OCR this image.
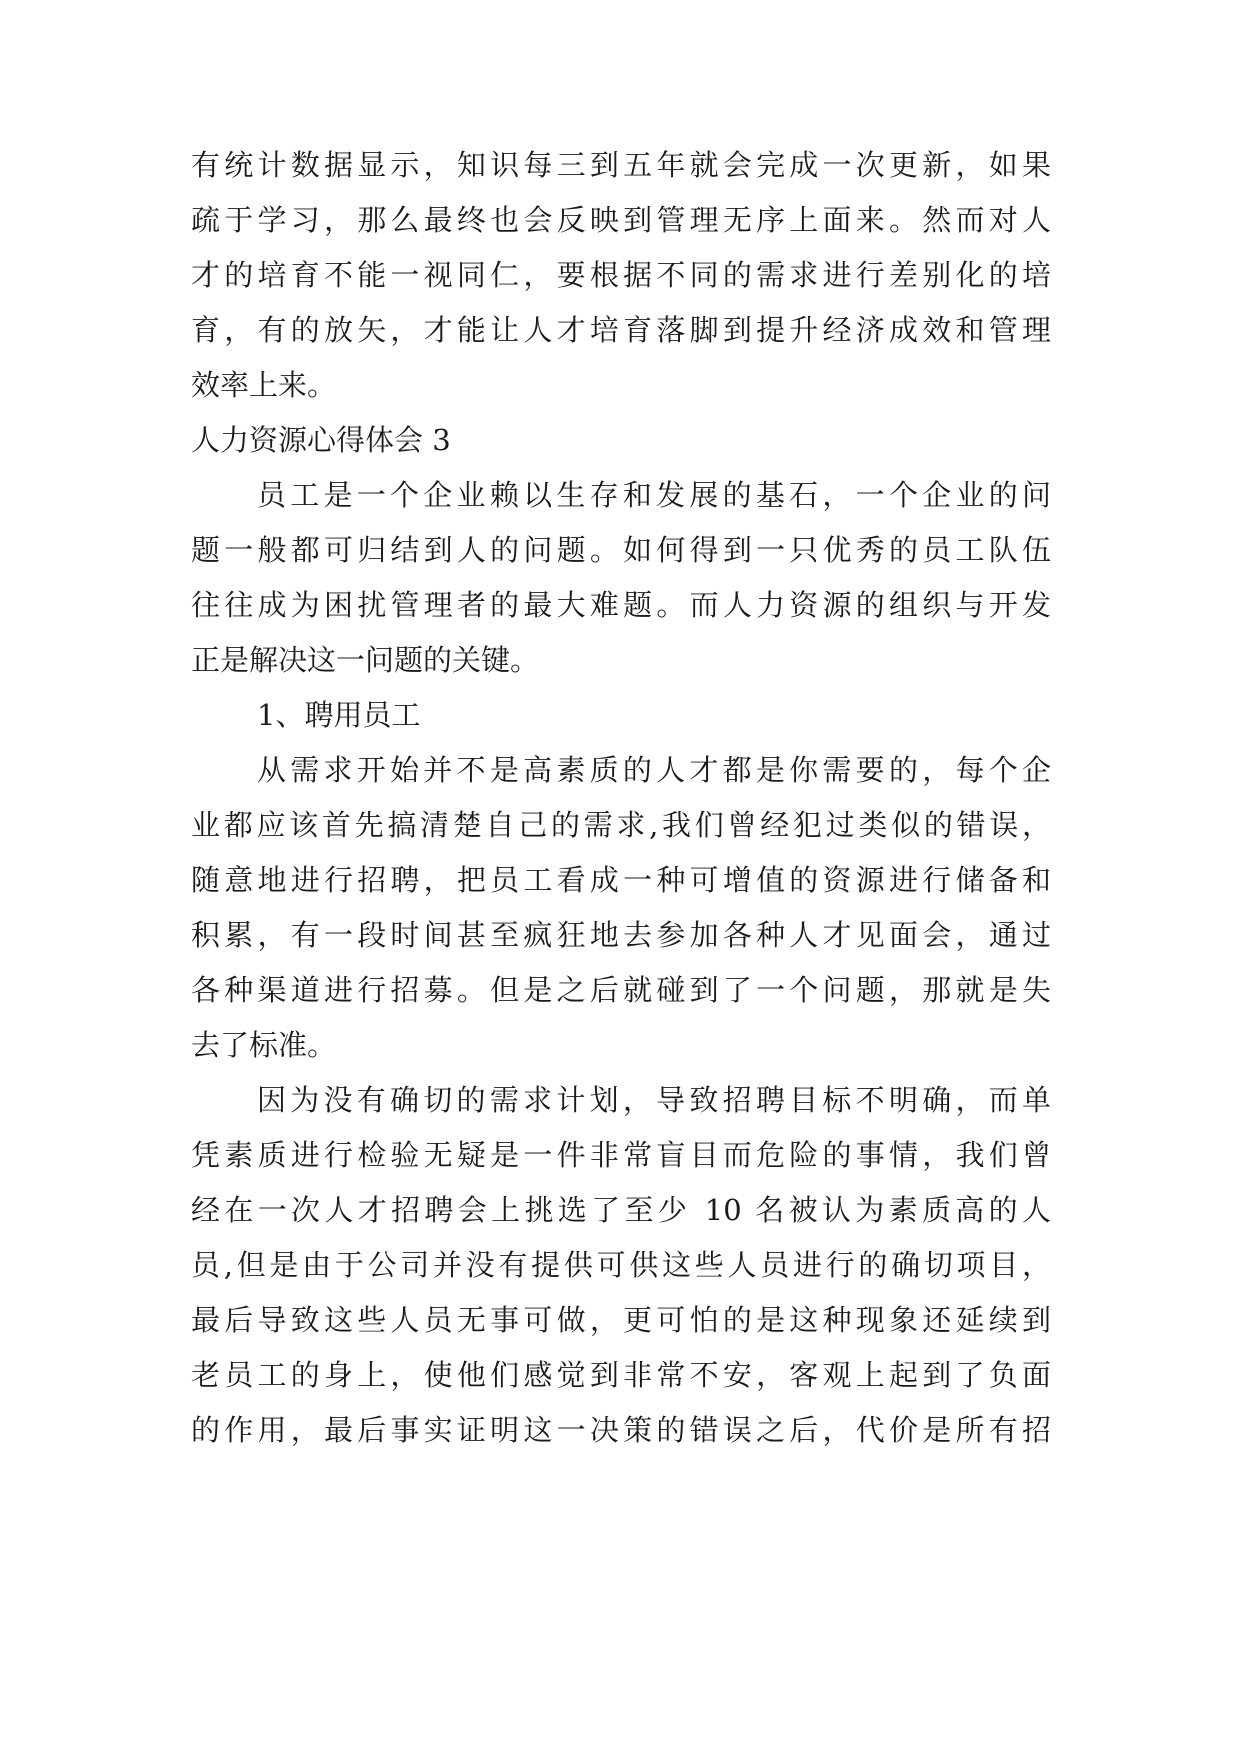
有统计数据显示，知识每三到五年就会完成一次更新，如果
疏于学习，那么最终也会反映到管理无序上面来。然而对人
才的培育不能一视同仁，要根据不同的需求进行差别化的培
育，有的放矢，才能让人才培育落脚到提升经济成效和管理
效率上来。
人力资源心得体会 3
员工是一个企业赖以生存和发展的基石，一个企业的问
题一般都可归结到人的问题。如何得到一只优秀的员工队伍
往往成为困扰管理者的最大难题。而人力资源的组织与开发
正是解决这一问题的关键。
1、聘用员工
从需求开始并不是高素质的人才都是你需要的，每个企
业都应该首先搞清楚自己的需求,我们曾经犯过类似的错误，
随意地进行招聘，把员工看成一种可增值的资源进行储备和
积累，有一段时间甚至疯狂地去参加各种人才见面会，通过
各种渠道进行招募。但是之后就碰到了一个问题，那就是失
去了标准。
因为没有确切的需求计划，导致招聘目标不明确，而单
凭素质进行检验无疑是一件非常盲目而危险的事情，我们曾
经在一次人才招聘会上挑选了至少 10 名被认为素质高的人
员,但是由于公司并没有提供可供这些人员进行的确切项目，
最后导致这些人员无事可做，更可怕的是这种现象还延续到
老员工的身上，使他们感觉到非常不安，客观上起到了负面
的作用，最后事实证明这一决策的错误之后，代价是所有招
